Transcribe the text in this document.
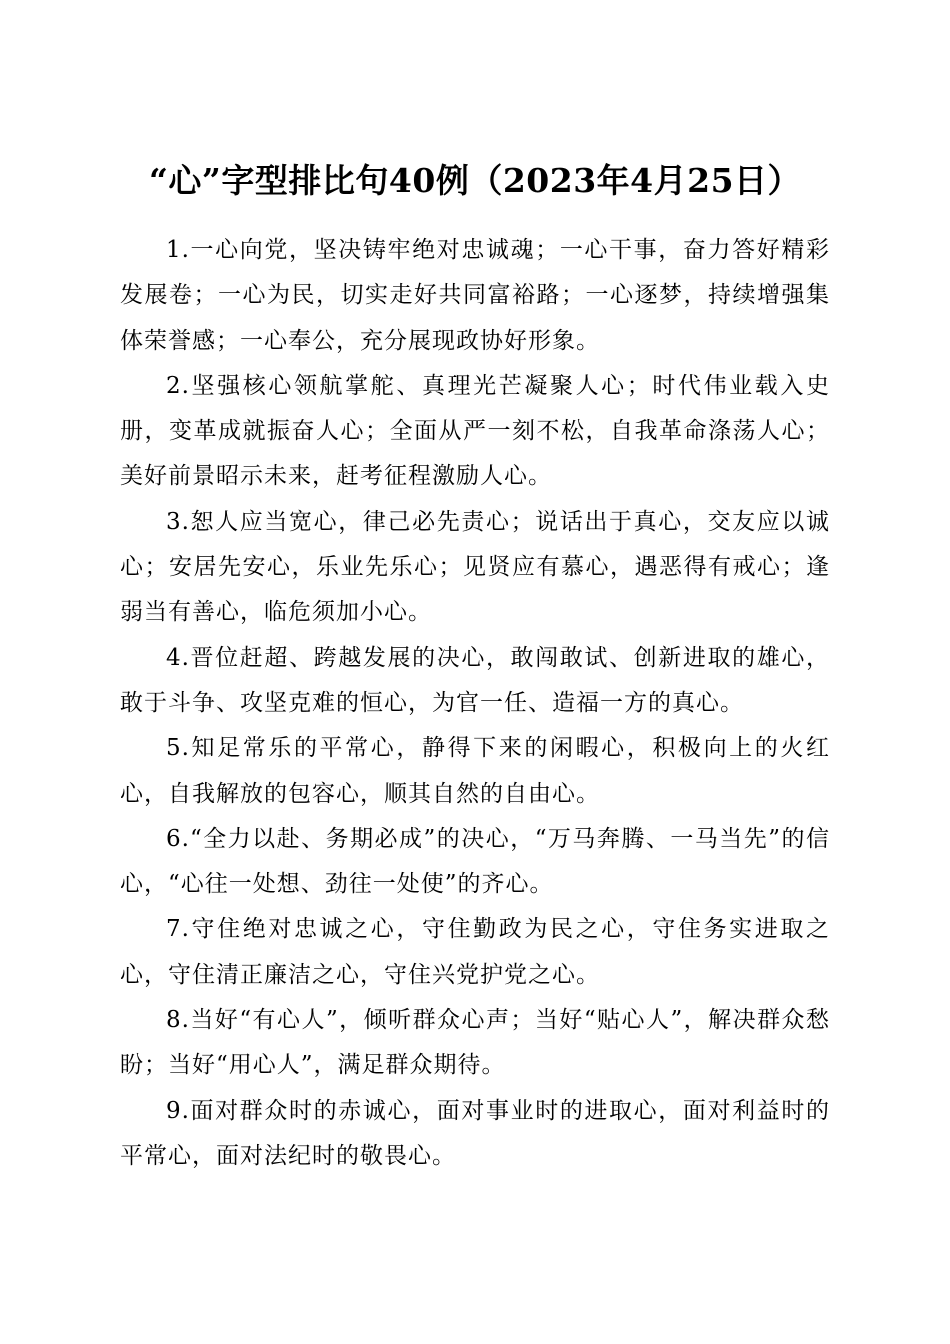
“心”字型排比句40例（2023年4月25日）

1.一心向党，坚决铸牢绝对忠诚魂；一心干事，奋力答好精彩发展卷；一心为民，切实走好共同富裕路；一心逐梦，持续增强集体荣誉感；一心奉公，充分展现政协好形象。

2.坚强核心领航掌舵、真理光芒凝聚人心；时代伟业载入史册，变革成就振奋人心；全面从严一刻不松，自我革命涤荡人心；美好前景昭示未来，赶考征程激励人心。

3.恕人应当宽心，律己必先责心；说话出于真心，交友应以诚心；安居先安心，乐业先乐心；见贤应有慕心，遇恶得有戒心；逢弱当有善心，临危须加小心。

4.晋位赶超、跨越发展的决心，敢闯敢试、创新进取的雄心，敢于斗争、攻坚克难的恒心，为官一任、造福一方的真心。

5.知足常乐的平常心，静得下来的闲暇心，积极向上的火红心，自我解放的包容心，顺其自然的自由心。

6.“全力以赴、务期必成”的决心，“万马奔腾、一马当先”的信心，“心往一处想、劲往一处使”的齐心。

7.守住绝对忠诚之心，守住勤政为民之心，守住务实进取之心，守住清正廉洁之心，守住兴党护党之心。

8.当好“有心人”，倾听群众心声；当好“贴心人”，解决群众愁盼；当好“用心人”，满足群众期待。

9.面对群众时的赤诚心，面对事业时的进取心，面对利益时的平常心，面对法纪时的敬畏心。
